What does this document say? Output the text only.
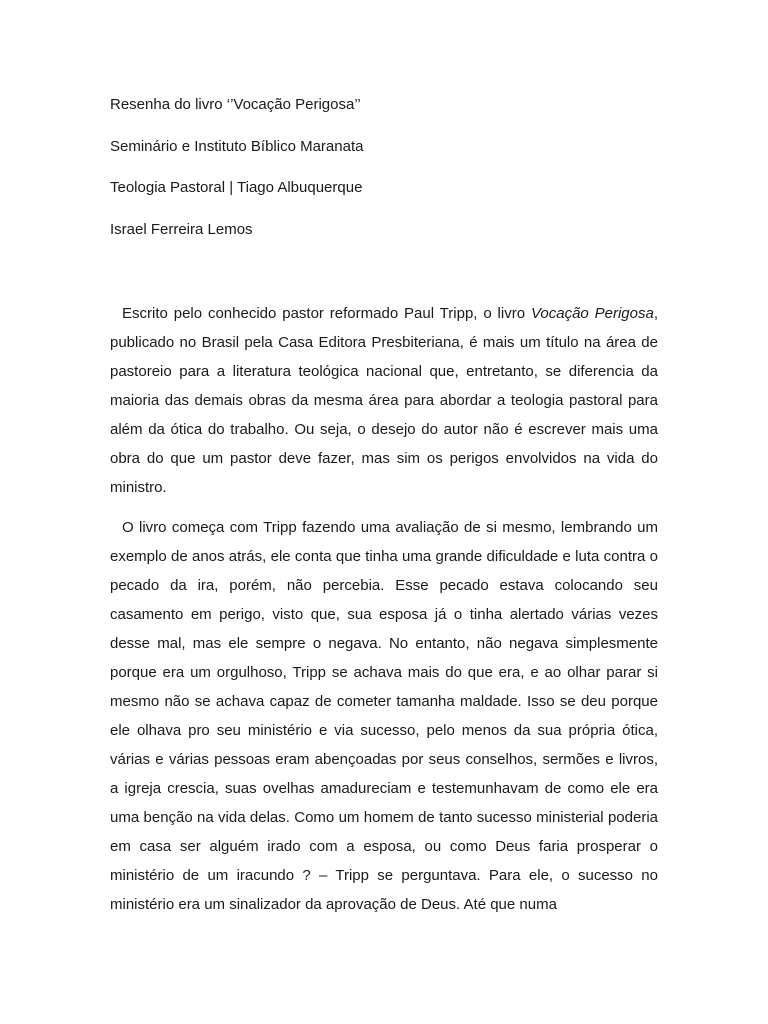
Resenha do livro ‘’Vocação Perigosa’’
Seminário e Instituto Bíblico Maranata
Teologia Pastoral | Tiago Albuquerque
Israel Ferreira Lemos

Escrito pelo conhecido pastor reformado Paul Tripp, o livro Vocação Perigosa, publicado no Brasil pela Casa Editora Presbiteriana, é mais um título na área de pastoreio para a literatura teológica nacional que, entretanto, se diferencia da maioria das demais obras da mesma área para abordar a teologia pastoral para além da ótica do trabalho. Ou seja, o desejo do autor não é escrever mais uma obra do que um pastor deve fazer, mas sim os perigos envolvidos na vida do ministro.

O livro começa com Tripp fazendo uma avaliação de si mesmo, lembrando um exemplo de anos atrás, ele conta que tinha uma grande dificuldade e luta contra o pecado da ira, porém, não percebia. Esse pecado estava colocando seu casamento em perigo, visto que, sua esposa já o tinha alertado várias vezes desse mal, mas ele sempre o negava. No entanto, não negava simplesmente porque era um orgulhoso, Tripp se achava mais do que era, e ao olhar parar si mesmo não se achava capaz de cometer tamanha maldade. Isso se deu porque ele olhava pro seu ministério e via sucesso, pelo menos da sua própria ótica, várias e várias pessoas eram abençoadas por seus conselhos, sermões e livros, a igreja crescia, suas ovelhas amadureciam e testemunhavam de como ele era uma benção na vida delas. Como um homem de tanto sucesso ministerial poderia em casa ser alguém irado com a esposa, ou como Deus faria prosperar o ministério de um iracundo ? – Tripp se perguntava. Para ele, o sucesso no ministério era um sinalizador da aprovação de Deus. Até que numa
